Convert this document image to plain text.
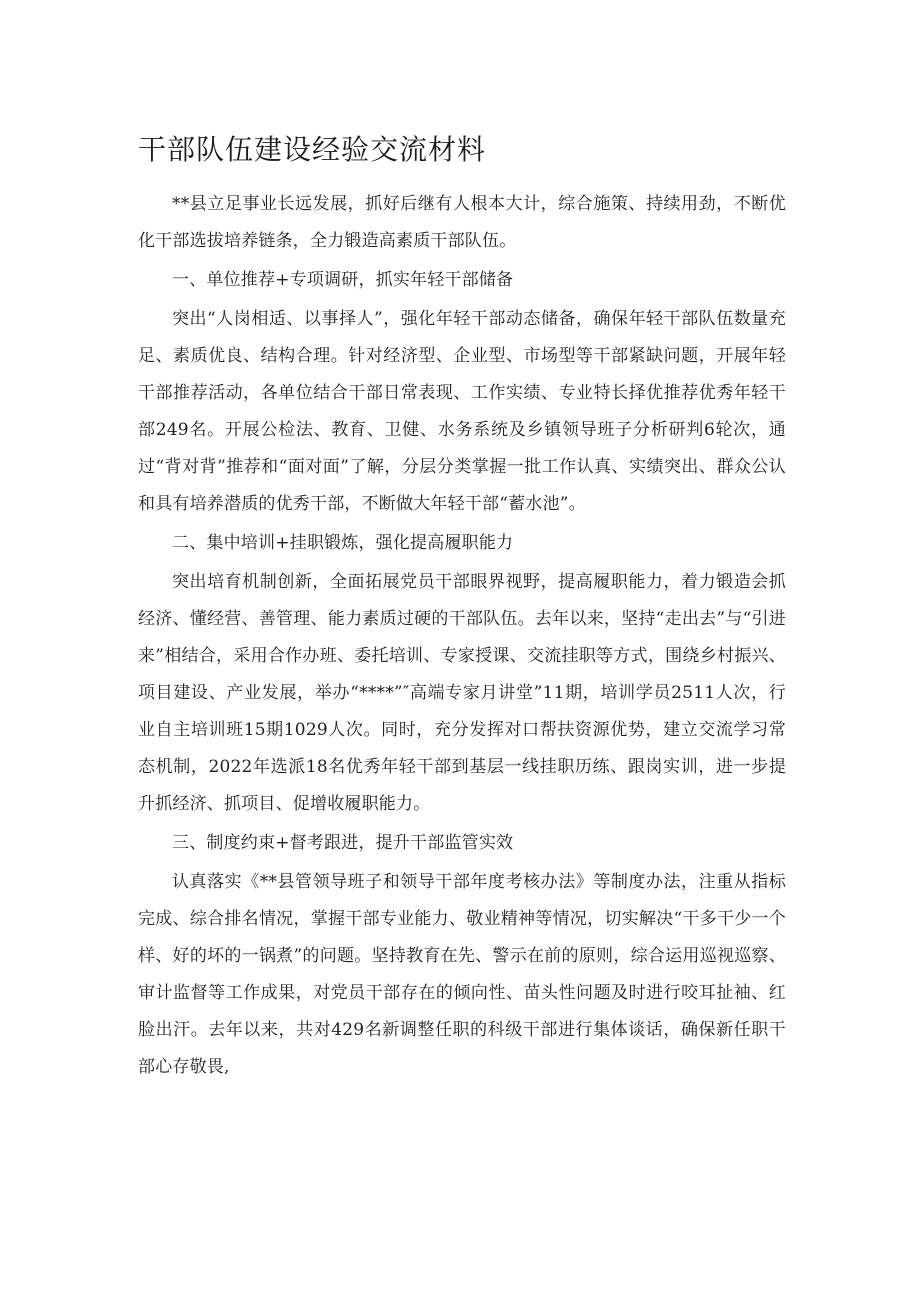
干部队伍建设经验交流材料

**县立足事业长远发展，抓好后继有人根本大计，综合施策、持续用劲，不断优化干部选拔培养链条，全力锻造高素质干部队伍。

一、单位推荐+专项调研，抓实年轻干部储备

突出“人岗相适、以事择人”，强化年轻干部动态储备，确保年轻干部队伍数量充足、素质优良、结构合理。针对经济型、企业型、市场型等干部紧缺问题，开展年轻干部推荐活动，各单位结合干部日常表现、工作实绩、专业特长择优推荐优秀年轻干部249名。开展公检法、教育、卫健、水务系统及乡镇领导班子分析研判6轮次，通过“背对背”推荐和“面对面”了解，分层分类掌握一批工作认真、实绩突出、群众公认和具有培养潜质的优秀干部，不断做大年轻干部“蓄水池”。

二、集中培训+挂职锻炼，强化提高履职能力

突出培育机制创新，全面拓展党员干部眼界视野，提高履职能力，着力锻造会抓经济、懂经营、善管理、能力素质过硬的干部队伍。去年以来，坚持“走出去”与“引进来”相结合，采用合作办班、委托培训、专家授课、交流挂职等方式，围绕乡村振兴、项目建设、产业发展，举办“****”″高端专家月讲堂”11期，培训学员2511人次，行业自主培训班15期1029人次。同时，充分发挥对口帮扶资源优势，建立交流学习常态机制，2022年选派18名优秀年轻干部到基层一线挂职历练、跟岗实训，进一步提升抓经济、抓项目、促增收履职能力。

三、制度约束+督考跟进，提升干部监管实效

认真落实《**县管领导班子和领导干部年度考核办法》等制度办法，注重从指标完成、综合排名情况，掌握干部专业能力、敬业精神等情况，切实解决“干多干少一个样、好的坏的一锅煮”的问题。坚持教育在先、警示在前的原则，综合运用巡视巡察、审计监督等工作成果，对党员干部存在的倾向性、苗头性问题及时进行咬耳扯袖、红脸出汗。去年以来，共对429名新调整任职的科级干部进行集体谈话，确保新任职干部心存敬畏,
